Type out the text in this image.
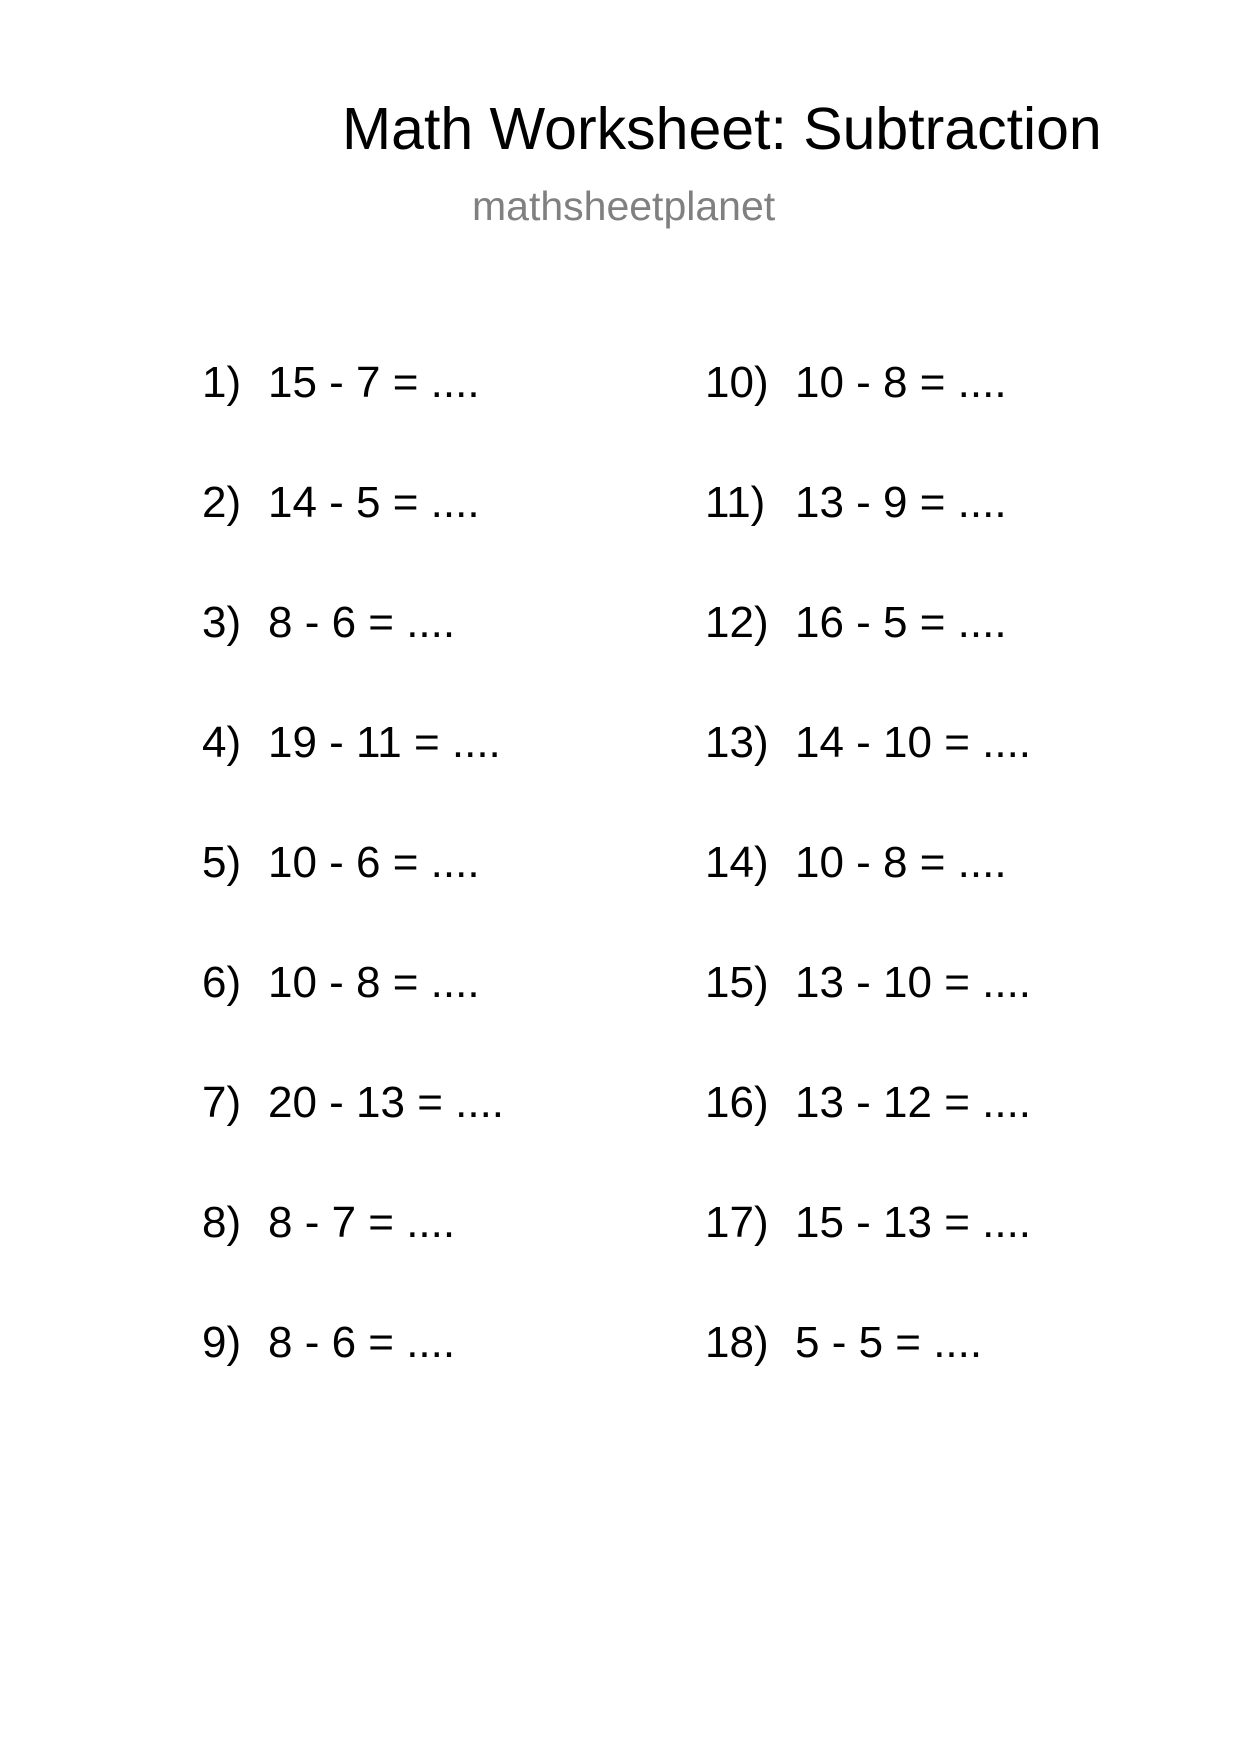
Math Worksheet: Subtraction
mathsheetplanet
1) 15 - 7 = ....
2) 14 - 5 = ....
3) 8 - 6 = ....
4) 19 - 11 = ....
5) 10 - 6 = ....
6) 10 - 8 = ....
7) 20 - 13 = ....
8) 8 - 7 = ....
9) 8 - 6 = ....
10) 10 - 8 = ....
11) 13 - 9 = ....
12) 16 - 5 = ....
13) 14 - 10 = ....
14) 10 - 8 = ....
15) 13 - 10 = ....
16) 13 - 12 = ....
17) 15 - 13 = ....
18) 5 - 5 = ....
